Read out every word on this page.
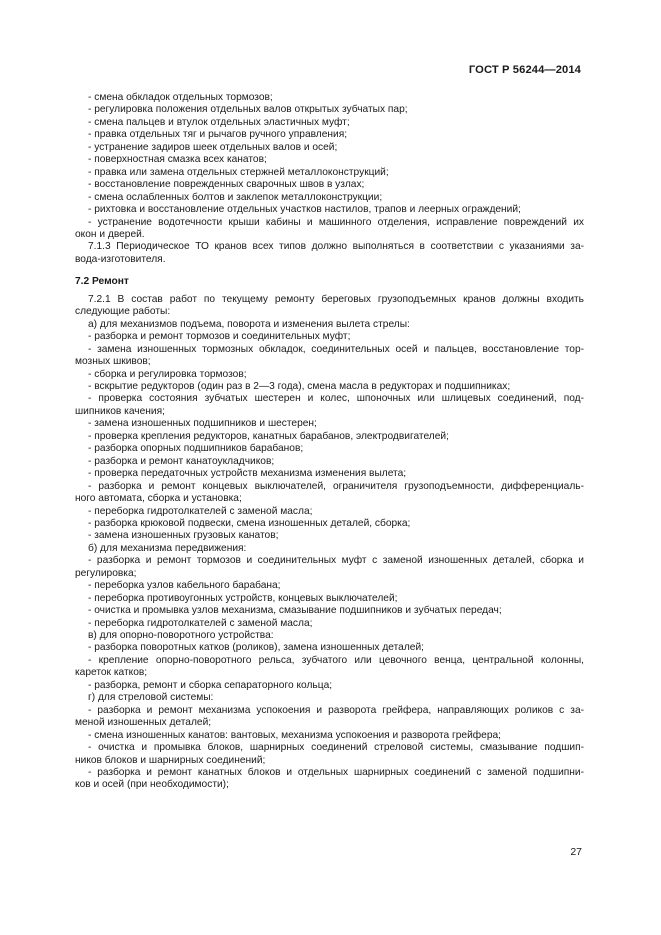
ГОСТ Р 56244—2014
- смена обкладок отдельных тормозов;
- регулировка положения отдельных валов открытых зубчатых пар;
- смена пальцев и втулок отдельных эластичных муфт;
- правка отдельных тяг и рычагов ручного управления;
- устранение задиров шеек отдельных валов и осей;
- поверхностная смазка всех канатов;
- правка или замена отдельных стержней металлоконструкций;
- восстановление поврежденных сварочных швов в узлах;
- смена ослабленных болтов и заклепок металлоконструкции;
- рихтовка и восстановление отдельных участков настилов, трапов и леерных ограждений;
- устранение водотечности крыши кабины и машинного отделения, исправление повреждений их
окон и дверей.
7.1.3 Периодическое ТО кранов всех типов должно выполняться в соответствии с указаниями за-
вода-изготовителя.
7.2 Ремонт
7.2.1 В состав работ по текущему ремонту береговых грузоподъемных кранов должны входить
следующие работы:
а) для механизмов подъема, поворота и изменения вылета стрелы:
- разборка и ремонт тормозов и соединительных муфт;
- замена изношенных тормозных обкладок, соединительных осей и пальцев, восстановление тор-
мозных шкивов;
- сборка и регулировка тормозов;
- вскрытие редукторов (один раз в 2—3 года), смена масла в редукторах и подшипниках;
- проверка состояния зубчатых шестерен и колес, шпоночных или шлицевых соединений, под-
шипников качения;
- замена изношенных подшипников и шестерен;
- проверка крепления редукторов, канатных барабанов, электродвигателей;
- разборка опорных подшипников барабанов;
- разборка и ремонт канатоукладчиков;
- проверка передаточных устройств механизма изменения вылета;
- разборка и ремонт концевых выключателей, ограничителя грузоподъемности, дифференциаль-
ного автомата, сборка и установка;
- переборка гидротолкателей с заменой масла;
- разборка крюковой подвески, смена изношенных деталей, сборка;
- замена изношенных грузовых канатов;
б) для механизма передвижения:
- разборка и ремонт тормозов и соединительных муфт с заменой изношенных деталей, сборка и
регулировка;
- переборка узлов кабельного барабана;
- переборка противоугонных устройств, концевых выключателей;
- очистка и промывка узлов механизма, смазывание подшипников и зубчатых передач;
- переборка гидротолкателей с заменой масла;
в) для опорно-поворотного устройства:
- разборка поворотных катков (роликов), замена изношенных деталей;
- крепление опорно-поворотного рельса, зубчатого или цевочного венца, центральной колонны,
кареток катков;
- разборка, ремонт и сборка сепараторного кольца;
г) для стреловой системы:
- разборка и ремонт механизма успокоения и разворота грейфера, направляющих роликов с за-
меной изношенных деталей;
- смена изношенных канатов: вантовых, механизма успокоения и разворота грейфера;
- очистка и промывка блоков, шарнирных соединений стреловой системы, смазывание подшип-
ников блоков и шарнирных соединений;
- разборка и ремонт канатных блоков и отдельных шарнирных соединений с заменой подшипни-
ков и осей (при необходимости);
27
